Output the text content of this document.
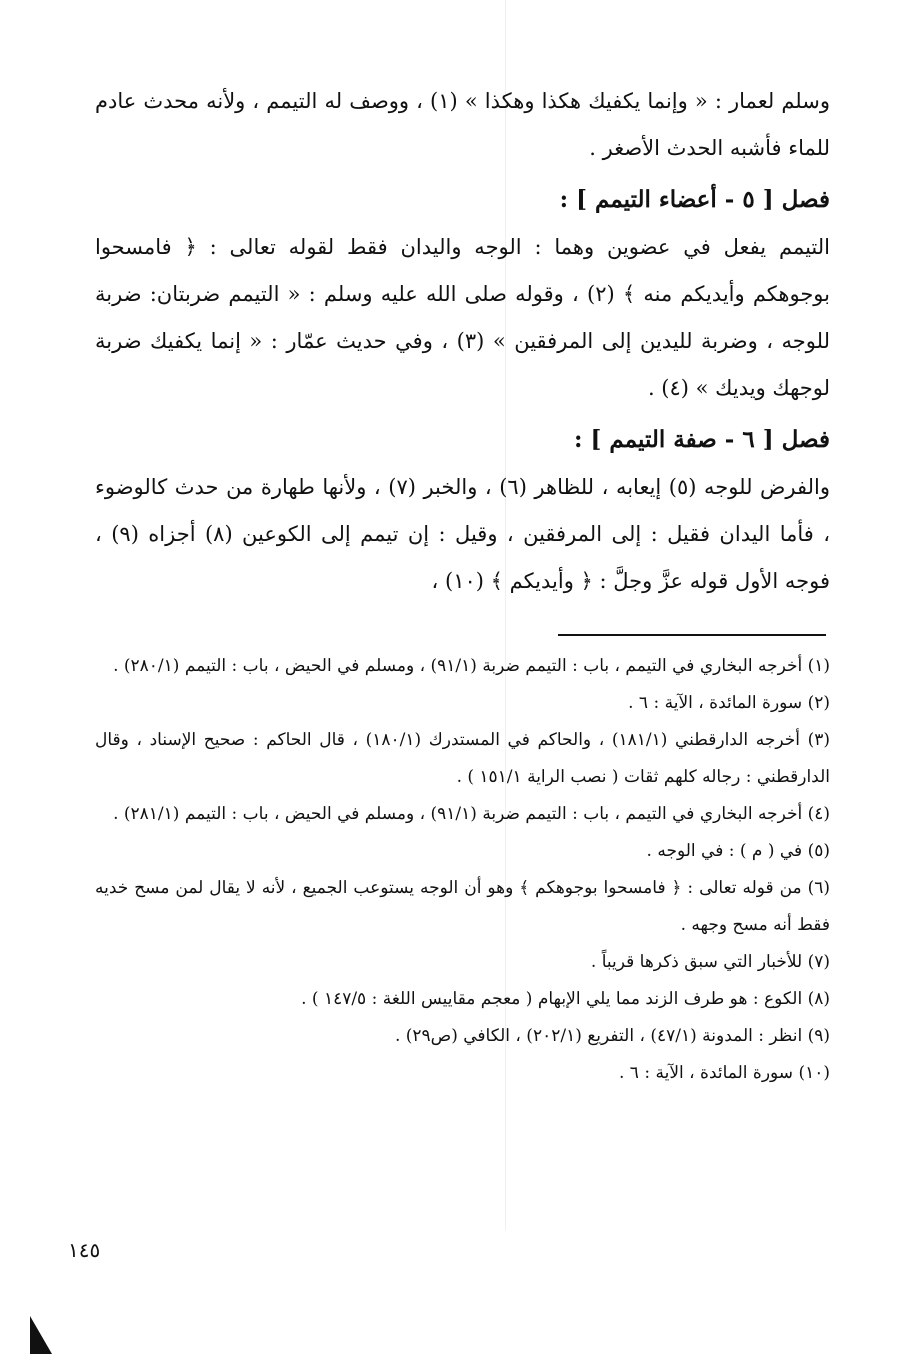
وسلم لعمار : « وإنما يكفيك هكذا وهكذا » (١) ، ووصف له التيمم ، ولأنه محدث عادم للماء فأشبه الحدث الأصغر .

فصل [ ٥ - أعضاء التيمم ] :

التيمم يفعل في عضوين وهما : الوجه واليدان فقط لقوله تعالى : ﴿ فامسحوا بوجوهكم وأيديكم منه ﴾ (٢) ، وقوله صلى الله عليه وسلم : « التيمم ضربتان: ضربة للوجه ، وضربة لليدين إلى المرفقين » (٣) ، وفي حديث عمّار : « إنما يكفيك ضربة لوجهك ويديك » (٤) .

فصل [ ٦ - صفة التيمم ] :

والفرض للوجه (٥) إيعابه ، للظاهر (٦) ، والخبر (٧) ، ولأنها طهارة من حدث كالوضوء ، فأما اليدان فقيل : إلى المرفقين ، وقيل : إن تيمم إلى الكوعين (٨) أجزاه (٩) ، فوجه الأول قوله عزَّ وجلَّ : ﴿ وأيديكم ﴾ (١٠) ،

(١) أخرجه البخاري في التيمم ، باب : التيمم ضربة (٩١/١) ، ومسلم في الحيض ، باب : التيمم (٢٨٠/١) .

(٢) سورة المائدة ، الآية : ٦ .

(٣) أخرجه الدارقطني (١٨١/١) ، والحاكم في المستدرك (١٨٠/١) ، قال الحاكم : صحيح الإسناد ، وقال الدارقطني : رجاله كلهم ثقات ( نصب الراية ١٥١/١ ) .

(٤) أخرجه البخاري في التيمم ، باب : التيمم ضربة (٩١/١) ، ومسلم في الحيض ، باب : التيمم (٢٨١/١) .

(٥) في ( م ) : في الوجه .

(٦) من قوله تعالى : ﴿ فامسحوا بوجوهكم ﴾ وهو أن الوجه يستوعب الجميع ، لأنه لا يقال لمن مسح خديه فقط أنه مسح وجهه .

(٧) للأخبار التي سبق ذكرها قريباً .

(٨) الكوع : هو طرف الزند مما يلي الإبهام ( معجم مقاييس اللغة : ١٤٧/٥ ) .

(٩) انظر : المدونة (٤٧/١) ، التفريع (٢٠٢/١) ، الكافي (ص٢٩) .

(١٠) سورة المائدة ، الآية : ٦ .

١٤٥
